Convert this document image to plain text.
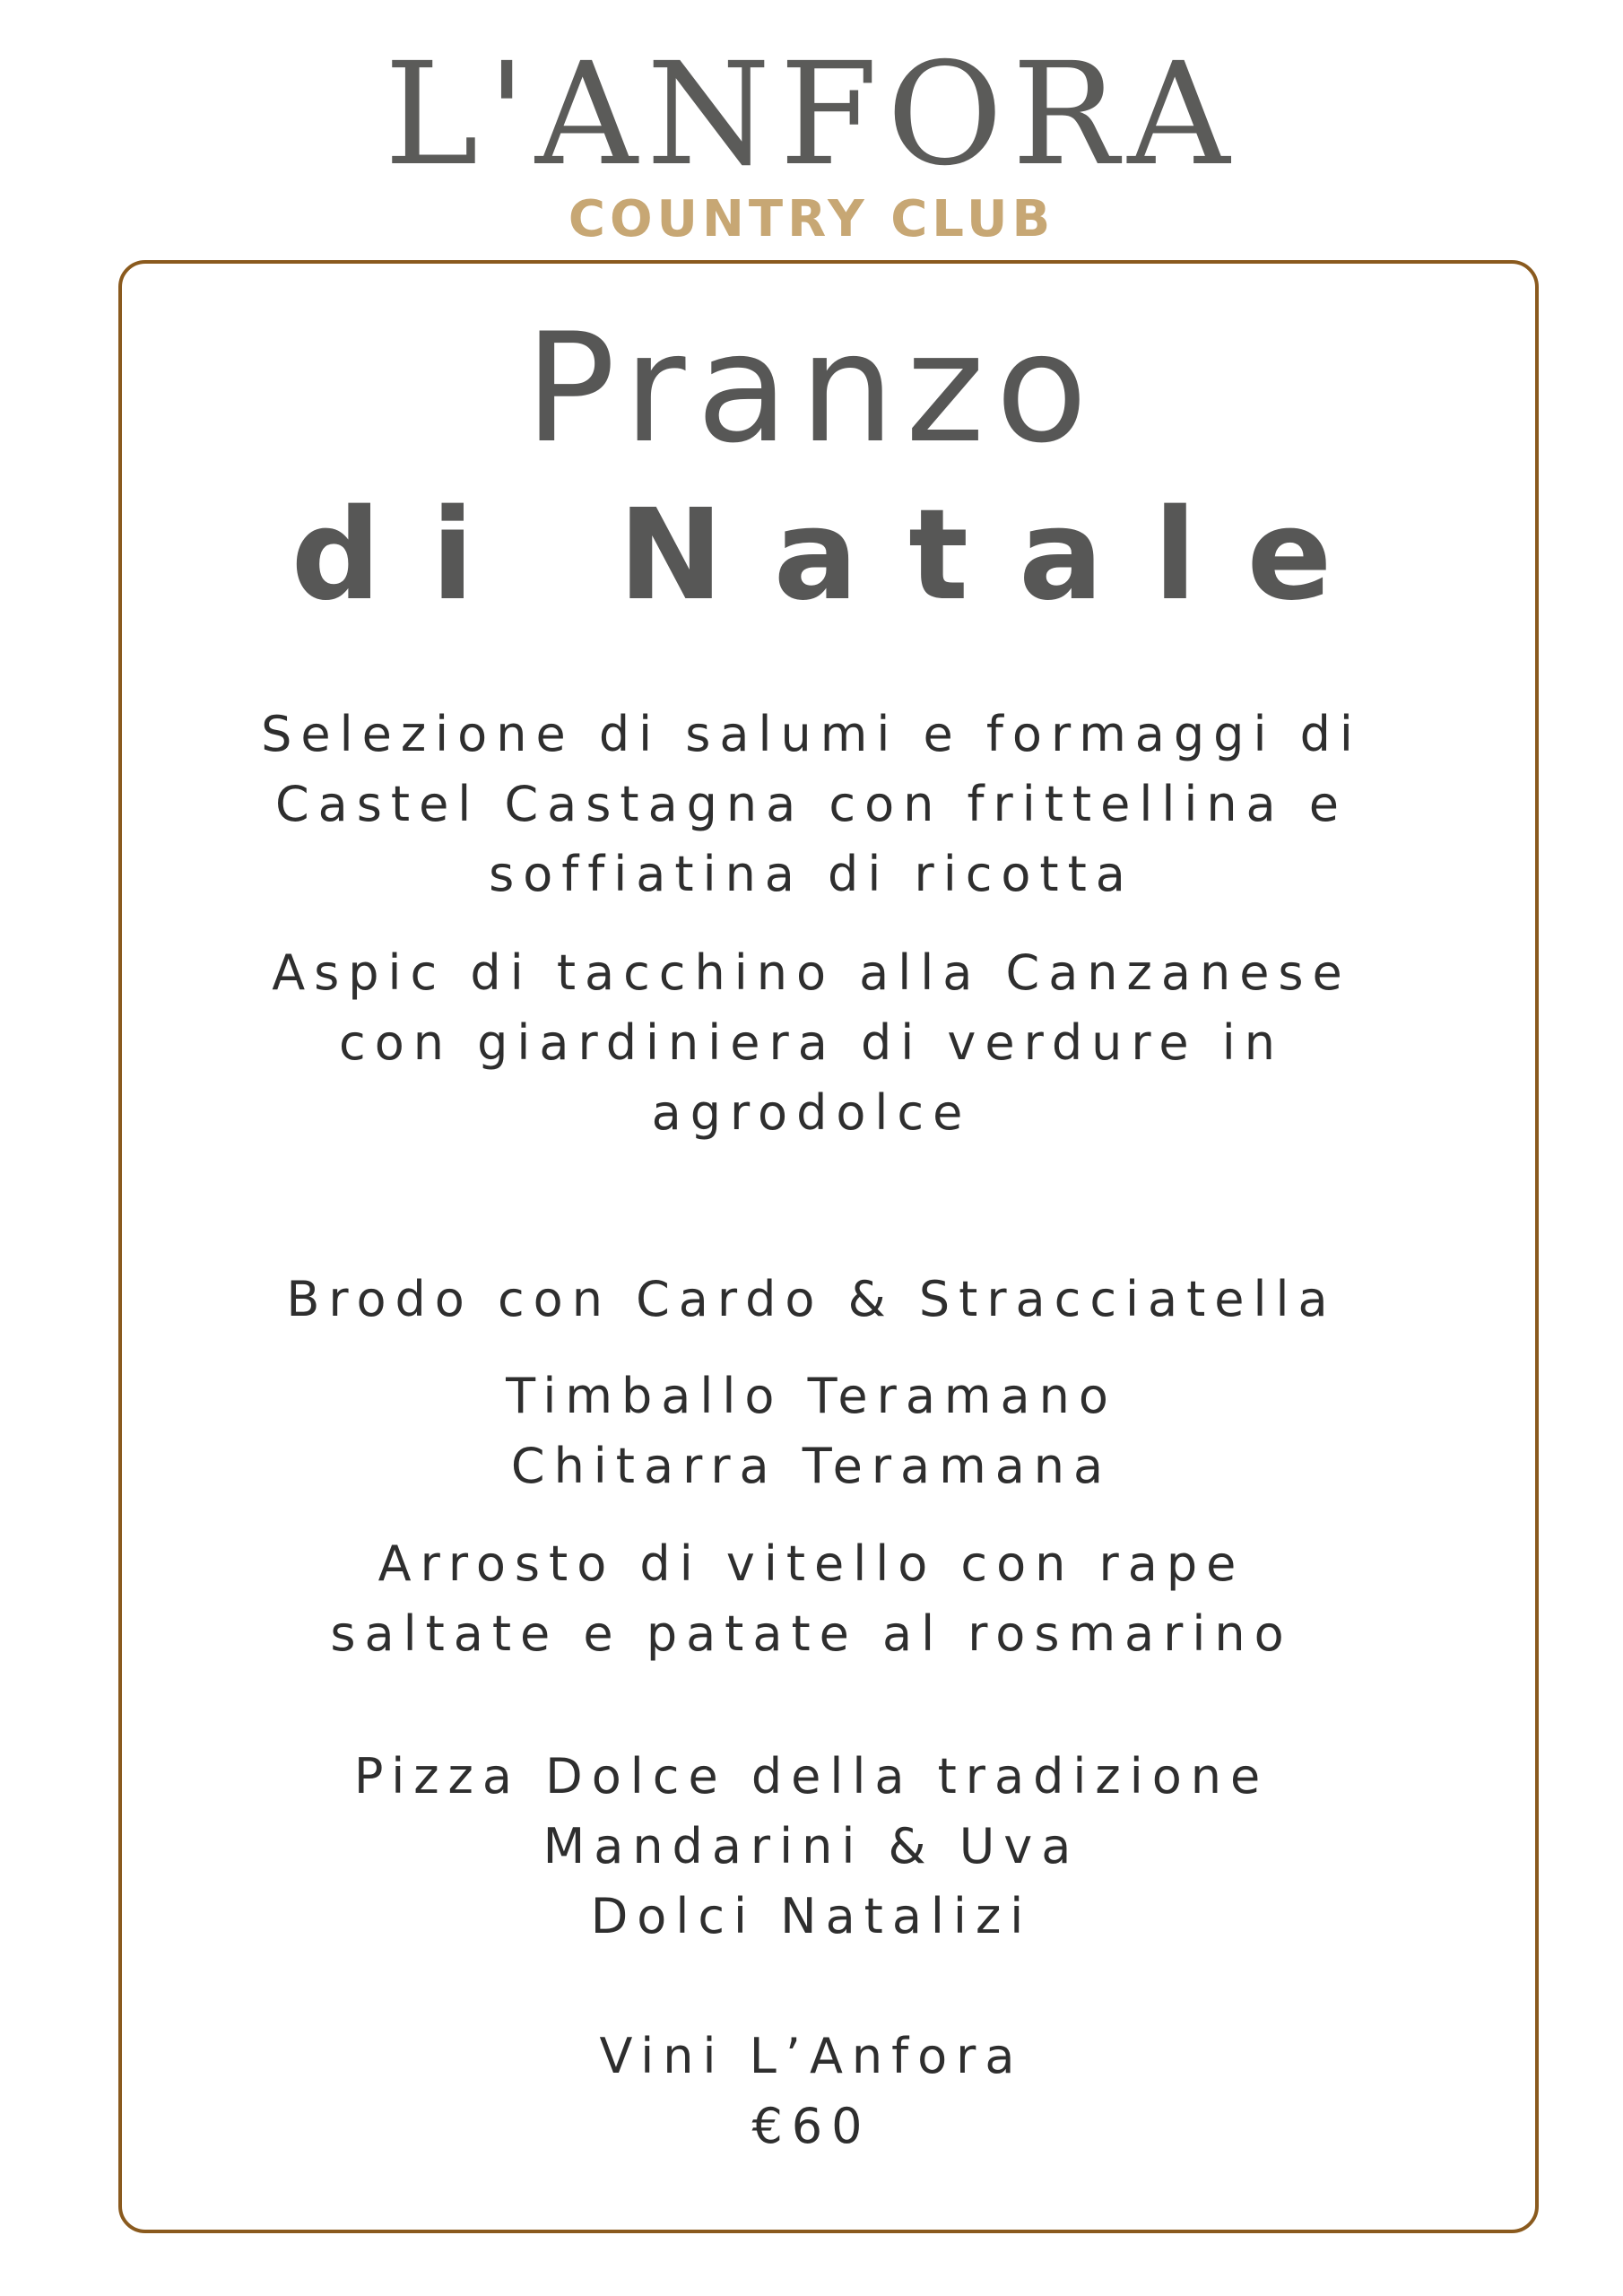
L'ANFORA
COUNTRY CLUB
Pranzo
di Natale
Selezione di salumi e formaggi di
Castel Castagna con frittellina e
soffiatina di ricotta
Aspic di tacchino alla Canzanese
con giardiniera di verdure in
agrodolce
Brodo con Cardo & Stracciatella
Timballo Teramano
Chitarra Teramana
Arrosto di vitello con rape
saltate e patate al rosmarino
Pizza Dolce della tradizione
Mandarini & Uva
Dolci Natalizi
Vini L’Anfora
€60
